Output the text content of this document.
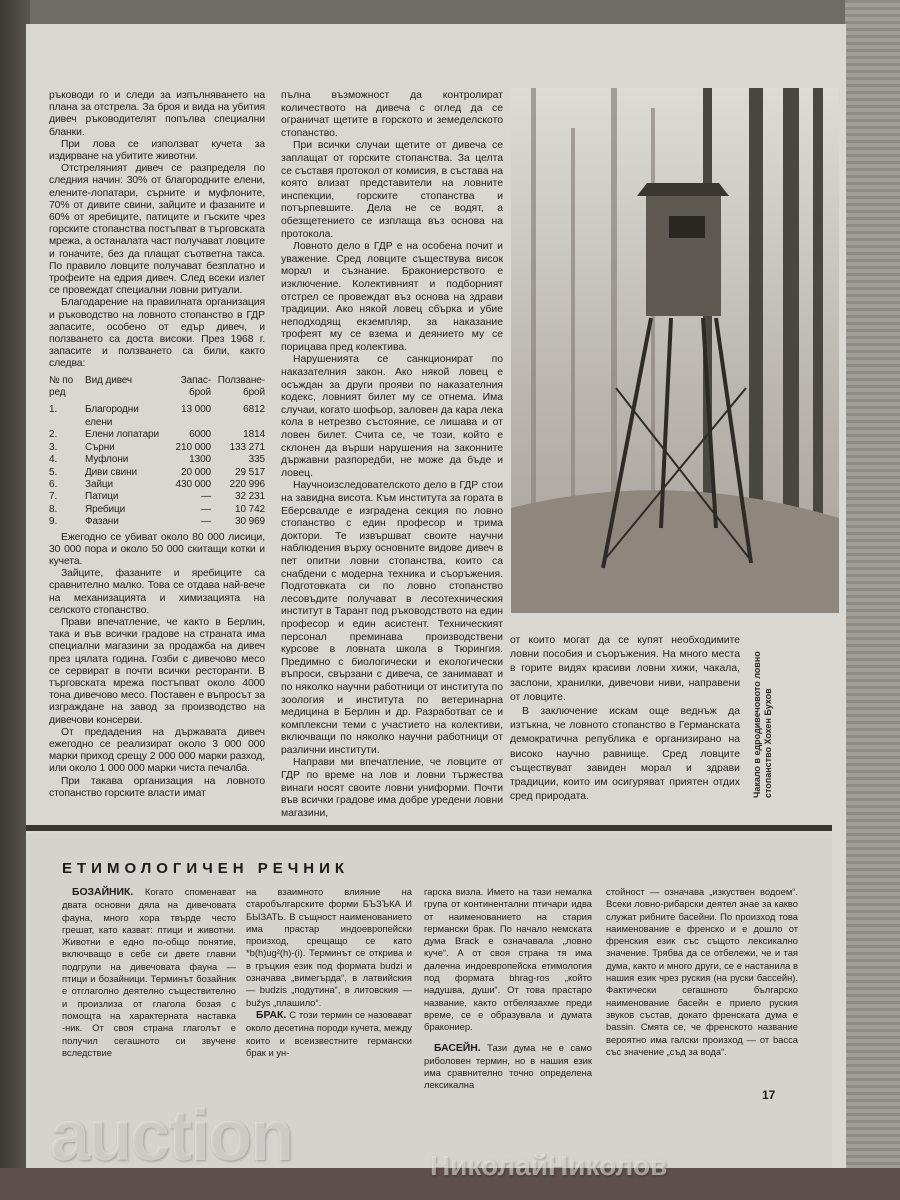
ръководи го и следи за изпълняването на плана за отстрела. За броя и вида на убития дивеч ръководителят попълва специални бланки.

При лова се използват кучета за издирване на убитите животни.

Отстреляният дивеч се разпределя по следния начин: 30% от благородните елени, елените-лопатари, сърните и муфлоните, 70% от дивите свини, зайците и фазаните и 60% от яребиците, патиците и гъските чрез горските стопанства постъпват в търговската мрежа, а останалата част получават ловците и гоначите, без да плащат съответна такса. По правило ловците получават безплатно и трофеите на едрия дивеч. След всеки излет се провеждат специални ловни ритуали.

Благодарение на правилната организация и ръководство на ловното стопанство в ГДР запасите, особено от едър дивеч, и ползването са доста високи. През 1968 г. запасите и ползването са били, както следва:

№ по ред	Вид дивеч	Запас-брой	Ползване-брой
1.	Благородни елени	13 000	6812
2.	Елени лопатари	6000	1814
3.	Сърни	210 000	133 271
4.	Муфлони	1300	335
5.	Диви свини	20 000	29 517
6.	Зайци	430 000	220 996
7.	Патици	—	32 231
8.	Яребици	—	10 742
9.	Фазани	—	30 969

Ежегодно се убиват около 80 000 лисици, 30 000 пора и около 50 000 скитащи котки и кучета.

Зайците, фазаните и яребиците са сравнително малко. Това се отдава най-вече на механизацията и химизацията на селското стопанство.

Прави впечатление, че както в Берлин, така и във всички градове на страната има специални магазини за продажба на дивеч през цялата година. Гозби с дивечово месо се сервират в почти всички ресторанти. В търговската мрежа постъпват около 4000 тона дивечово месо. Поставен е въпросът за изграждане на завод за производство на дивечови консерви.

От предадения на държавата дивеч ежегодно се реализират около 3 000 000 марки приход срещу 2 000 000 марки разход, или около 1 000 000 марки чиста печалба.

При такава организация на ловното стопанство горските власти имат

пълна възможност да контролират количеството на дивеча с оглед да се ограничат щетите в горското и земеделското стопанство.

При всички случаи щетите от дивеча се заплащат от горските стопанства. За целта се съставя протокол от комисия, в състава на която влизат представители на ловните инспекции, горските стопанства и потърпевшите. Дела не се водят, а обезщетението се изплаща въз основа на протокола.

Ловното дело в ГДР е на особена почит и уважение. Сред ловците съществува висок морал и съзнание. Бракониерството е изключение. Колективният и подборният отстрел се провеждат въз основа на здрави традиции. Ако някой ловец сбърка и убие неподходящ екземпляр, за наказание трофеят му се взема и деянието му се порицава пред колектива.

Нарушенията се санкционират по наказателния закон. Ако някой ловец е осъждан за други прояви по наказателния кодекс, ловният билет му се отнема. Има случаи, когато шофьор, заловен да кара лека кола в нетрезво състояние, се лишава и от ловен билет. Счита се, че този, който е склонен да върши нарушения на законните държавни разпоредби, не може да бъде и ловец.

Научноизследователското дело в ГДР стои на завидна висота. Към института за гората в Еберсвалде е изградена секция по ловно стопанство с един професор и трима доктори. Те извършват своите научни наблюдения върху основните видове дивеч в пет опитни ловни стопанства, които са снабдени с модерна техника и съоръжения. Подготовката си по ловно стопанство лесовъдите получават в лесотехническия институт в Тарант под ръководството на един професор и един асистент. Техническият персонал преминава производствени курсове в ловната школа в Тюрингия. Предимно с биологически и екологически въпроси, свързани с дивеча, се занимават и по няколко научни работници от института по зоология и института по ветеринарна медицина в Берлин и др. Разработват се и комплексни теми с участието на колективи, включващи по няколко научни работници от различни институти.

Направи ми впечатление, че ловците от ГДР по време на лов и ловни тържества винаги носят своите ловни униформи. Почти във всички градове има добре уредени ловни магазини,

от които могат да се купят необходимите ловни пособия и съоръжения. На много места в горите видях красиви ловни хижи, чакала, заслони, хранилки, дивечови ниви, направени от ловците.

В заключение искам още веднъж да изтъкна, че ловното стопанство в Германската демократична република е организирано на високо научно равнище. Сред ловците съществуват завиден морал и здрави традиции, които им осигуряват приятен отдих сред природата.	Чакало в едродивечовото ловно стопанство Хохен Бухов
ЕТИМОЛОГИЧЕН РЕЧНИК

БОЗАЙНИК. Когато споменават двата основни дяла на дивечовата фауна, много хора твърде често грешат, като казват: птици и животни. Животни е едно по-общо понятие, включващо в себе си двете главни подгрупи на дивечовата фауна — птици и бозайници. Терминът бозайник е отглаголно деятелно съществително и произлиза от глагола бозая с помощта на характерната наставка -ник. От своя страна глаголът е получил сегашното си звучене вследствие

на взаимното влияние на старобългарските форми БЪЗЪКА И БЫЗАТЬ. В същност наименованието има прастар индоевропейски произход, срещащо се като *b(h)ug²(h)-(i). Терминът се открива и в гръцкия език под формата budzi и означава „вимегърда“, в латвийския — budzis „подутина“, в литовския — bužys „плашило“.

БРАК. С този термин се назовават около десетина породи кучета, между които и всеизвестните германски брак и ун-

гарска визла. Името на тази немалка група от континентални птичари идва от наименованието на стария германски брак. По начало немската дума Brack е означавала „ловно куче“. А от своя страна тя има далечна индоевропейска етимология под формата bhrag-ros „който надушва, души“. От това прастаро название, както отбелязахме преди време, се е образувала и думата бракониер.

БАСЕЙН. Тази дума не е само риболовен термин, но в нашия език има сравнително точно определена лексикална

стойност — означава „изкуствен водоем“. Всеки ловно-рибарски деятел знае за какво служат рибните басейни. По произход това наименование е френско и е дошло от френския език със същото лексикално значение. Трябва да се отбележи, че и тая дума, както и много други, се е настанила в нашия език чрез руския (на руски бассейн). Фактически сегашното българско наименование басейн е приело руския звуков състав, докато френската дума е bassin. Смята се, че френското название вероятно има галски произход — от bacca със значение „съд за вода“.

17
auction	НиколайНиколов
